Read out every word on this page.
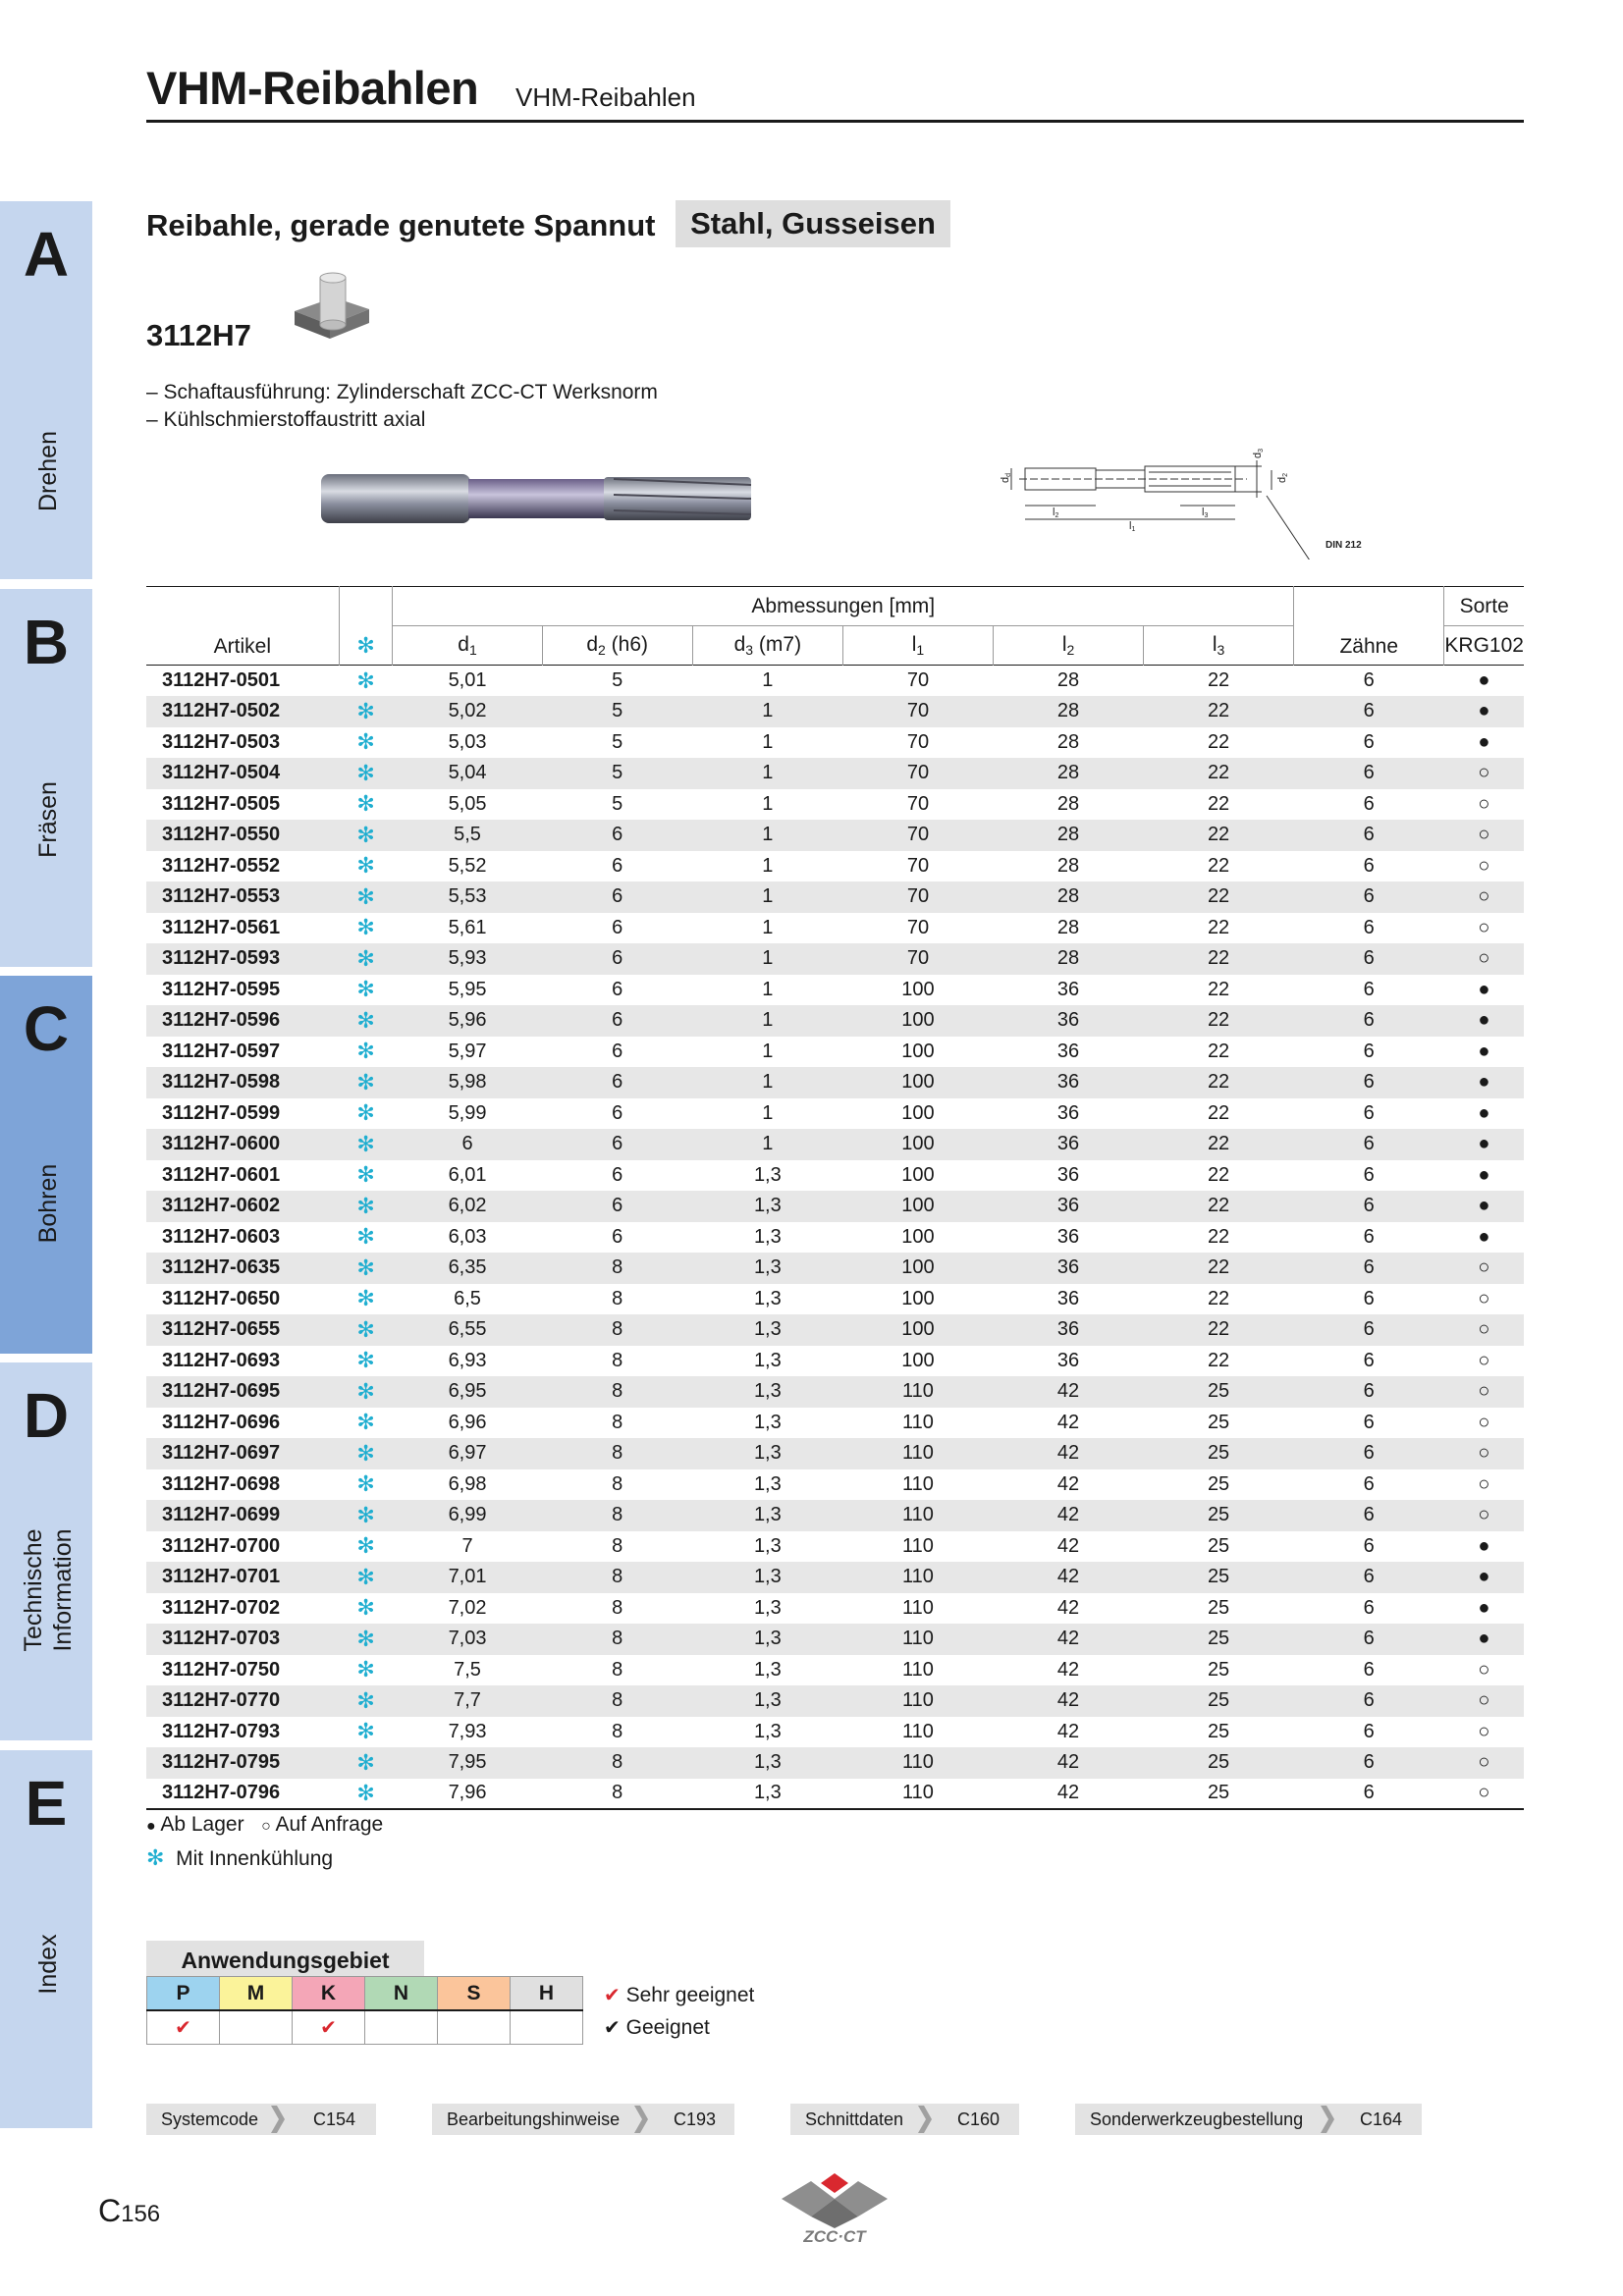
A
Drehen
B
Fräsen
C
Bohren
D
Technische Information
E
Index
VHM-Reibahlen VHM-Reibahlen
Reibahle, gerade genutete Spannut	Stahl, Gusseisen
3112H7
– Schaftausführung: Zylinderschaft ZCC-CT Werksnorm
– Kühlschmierstoffaustritt axial
dd
l2
l1
l3
d2
d3
DIN 212
Artikel	✻	Abmessungen [mm]						Zähne	Sorte
		$d_1$	$d_2$ (h6)	$d_3$ (m7)	$l_1$	$l_2$	$l_3$		KRG102
3112H7-0501	✻	5,01	5	1	70	28	22	6	●
3112H7-0502	✻	5,02	5	1	70	28	22	6	●
3112H7-0503	✻	5,03	5	1	70	28	22	6	●
3112H7-0504	✻	5,04	5	1	70	28	22	6	○
3112H7-0505	✻	5,05	5	1	70	28	22	6	○
3112H7-0550	✻	5,5	6	1	70	28	22	6	○
3112H7-0552	✻	5,52	6	1	70	28	22	6	○
3112H7-0553	✻	5,53	6	1	70	28	22	6	○
3112H7-0561	✻	5,61	6	1	70	28	22	6	○
3112H7-0593	✻	5,93	6	1	70	28	22	6	○
3112H7-0595	✻	5,95	6	1	100	36	22	6	●
3112H7-0596	✻	5,96	6	1	100	36	22	6	●
3112H7-0597	✻	5,97	6	1	100	36	22	6	●
3112H7-0598	✻	5,98	6	1	100	36	22	6	●
3112H7-0599	✻	5,99	6	1	100	36	22	6	●
3112H7-0600	✻	6	6	1	100	36	22	6	●
3112H7-0601	✻	6,01	6	1,3	100	36	22	6	●
3112H7-0602	✻	6,02	6	1,3	100	36	22	6	●
3112H7-0603	✻	6,03	6	1,3	100	36	22	6	●
3112H7-0635	✻	6,35	8	1,3	100	36	22	6	○
3112H7-0650	✻	6,5	8	1,3	100	36	22	6	○
3112H7-0655	✻	6,55	8	1,3	100	36	22	6	○
3112H7-0693	✻	6,93	8	1,3	100	36	22	6	○
3112H7-0695	✻	6,95	8	1,3	110	42	25	6	○
3112H7-0696	✻	6,96	8	1,3	110	42	25	6	○
3112H7-0697	✻	6,97	8	1,3	110	42	25	6	○
3112H7-0698	✻	6,98	8	1,3	110	42	25	6	○
3112H7-0699	✻	6,99	8	1,3	110	42	25	6	○
3112H7-0700	✻	7	8	1,3	110	42	25	6	●
3112H7-0701	✻	7,01	8	1,3	110	42	25	6	●
3112H7-0702	✻	7,02	8	1,3	110	42	25	6	●
3112H7-0703	✻	7,03	8	1,3	110	42	25	6	●
3112H7-0750	✻	7,5	8	1,3	110	42	25	6	○
3112H7-0770	✻	7,7	8	1,3	110	42	25	6	○
3112H7-0793	✻	7,93	8	1,3	110	42	25	6	○
3112H7-0795	✻	7,95	8	1,3	110	42	25	6	○
3112H7-0796	✻	7,96	8	1,3	110	42	25	6	○
● Ab Lager ○ Auf Anfrage
✻ Mit Innenkühlung
Anwendungsgebiet
P	M	K	N	S	H
✔		✔			
✔ Sehr geeignet
✔ Geeignet
Systemcode	C154	Bearbeitungshinweise	C193	Schnittdaten	C160	Sonderwerkzeugbestellung	C164
C156
ZCC·CT
